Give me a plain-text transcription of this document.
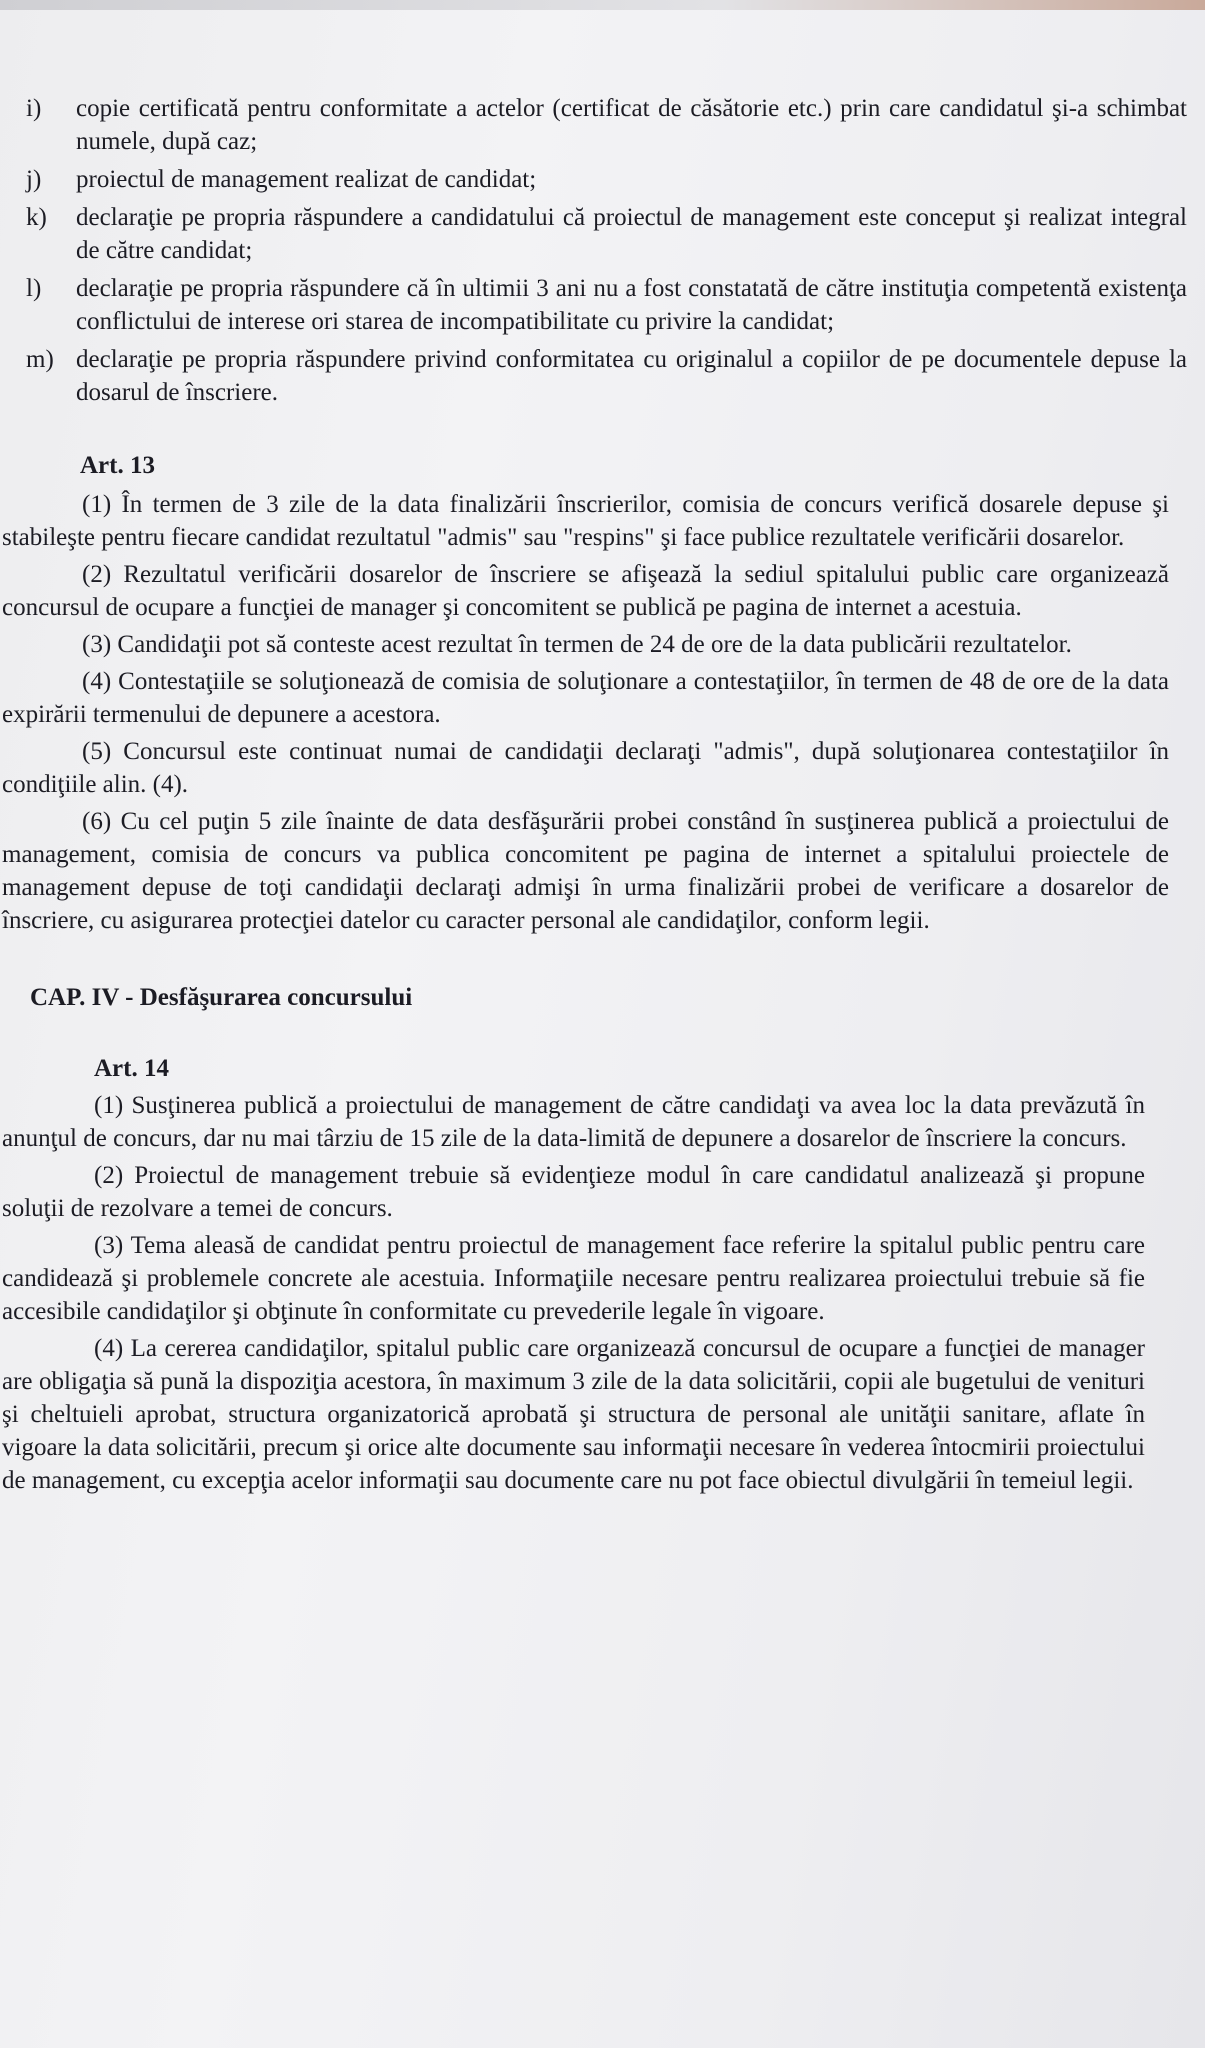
i) copie certificată pentru conformitate a actelor (certificat de căsătorie etc.) prin care candidatul şi-a schimbat numele, după caz;
j) proiectul de management realizat de candidat;
k) declaraţie pe propria răspundere a candidatului că proiectul de management este conceput şi realizat integral de către candidat;
l) declaraţie pe propria răspundere că în ultimii 3 ani nu a fost constatată de către instituţia competentă existenţa conflictului de interese ori starea de incompatibilitate cu privire la candidat;
m) declaraţie pe propria răspundere privind conformitatea cu originalul a copiilor de pe documentele depuse la dosarul de înscriere.
Art. 13

(1) În termen de 3 zile de la data finalizării înscrierilor, comisia de concurs verifică dosarele depuse şi stabileşte pentru fiecare candidat rezultatul "admis" sau "respins" şi face publice rezultatele verificării dosarelor.

(2) Rezultatul verificării dosarelor de înscriere se afişează la sediul spitalului public care organizează concursul de ocupare a funcţiei de manager şi concomitent se publică pe pagina de internet a acestuia.

(3) Candidaţii pot să conteste acest rezultat în termen de 24 de ore de la data publicării rezultatelor.

(4) Contestaţiile se soluţionează de comisia de soluţionare a contestaţiilor, în termen de 48 de ore de la data expirării termenului de depunere a acestora.

(5) Concursul este continuat numai de candidaţii declaraţi "admis", după soluţionarea contestaţiilor în condiţiile alin. (4).

(6) Cu cel puţin 5 zile înainte de data desfăşurării probei constând în susţinerea publică a proiectului de management, comisia de concurs va publica concomitent pe pagina de internet a spitalului proiectele de management depuse de toţi candidaţii declaraţi admişi în urma finalizării probei de verificare a dosarelor de înscriere, cu asigurarea protecţiei datelor cu caracter personal ale candidaţilor, conform legii.

CAP. IV - Desfăşurarea concursului
Art. 14

(1) Susţinerea publică a proiectului de management de către candidaţi va avea loc la data prevăzută în anunţul de concurs, dar nu mai târziu de 15 zile de la data-limită de depunere a dosarelor de înscriere la concurs.

(2) Proiectul de management trebuie să evidenţieze modul în care candidatul analizează şi propune soluţii de rezolvare a temei de concurs.

(3) Tema aleasă de candidat pentru proiectul de management face referire la spitalul public pentru care candidează şi problemele concrete ale acestuia. Informaţiile necesare pentru realizarea proiectului trebuie să fie accesibile candidaţilor şi obţinute în conformitate cu prevederile legale în vigoare.

(4) La cererea candidaţilor, spitalul public care organizează concursul de ocupare a funcţiei de manager are obligaţia să pună la dispoziţia acestora, în maximum 3 zile de la data solicitării, copii ale bugetului de venituri şi cheltuieli aprobat, structura organizatorică aprobată şi structura de personal ale unităţii sanitare, aflate în vigoare la data solicitării, precum şi orice alte documente sau informaţii necesare în vederea întocmirii proiectului de management, cu excepţia acelor informaţii sau documente care nu pot face obiectul divulgării în temeiul legii.
